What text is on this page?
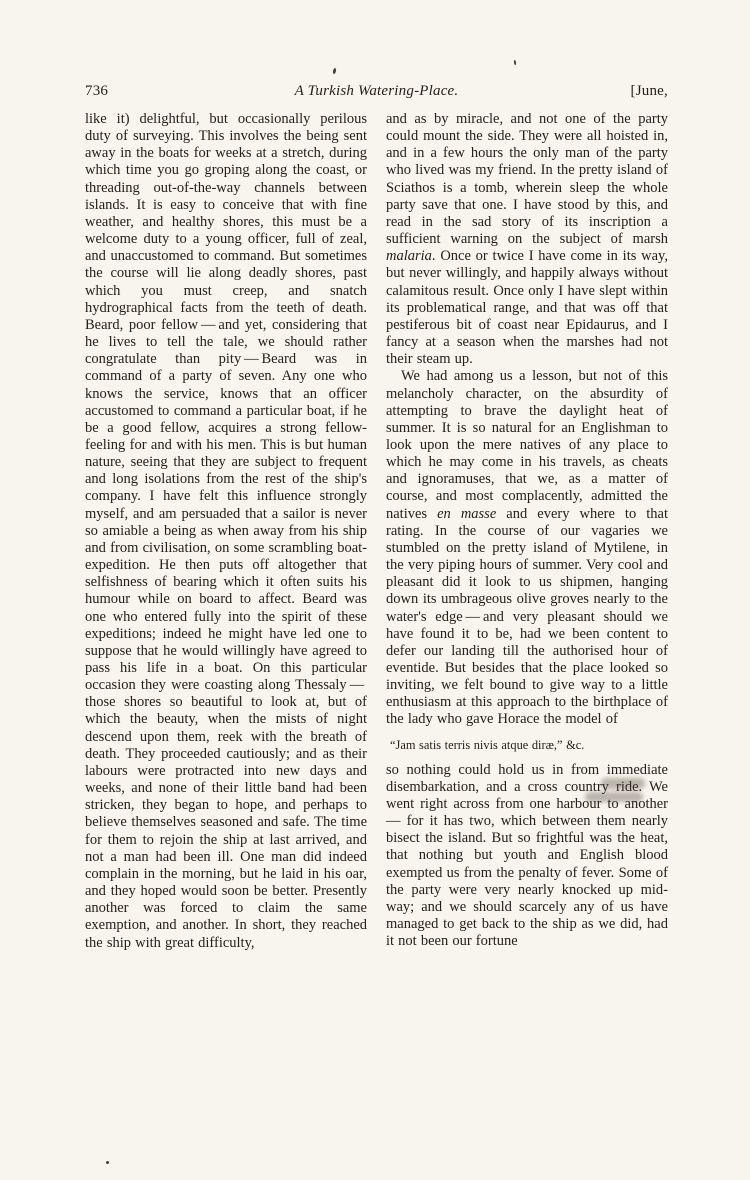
736	A Turkish Watering-Place.	[June,

like it) delightful, but occasionally perilous duty of surveying. This involves the being sent away in the boats for weeks at a stretch, during which time you go groping along the coast, or threading out-of-the-way channels between islands. It is easy to conceive that with fine weather, and healthy shores, this must be a welcome duty to a young officer, full of zeal, and unaccustomed to command. But sometimes the course will lie along deadly shores, past which you must creep, and snatch hydrographical facts from the teeth of death. Beard, poor fellow — and yet, considering that he lives to tell the tale, we should rather congratulate than pity — Beard was in command of a party of seven. Any one who knows the service, knows that an officer accustomed to command a particular boat, if he be a good fellow, acquires a strong fellow-feeling for and with his men. This is but human nature, seeing that they are subject to frequent and long isolations from the rest of the ship's company. I have felt this influence strongly myself, and am persuaded that a sailor is never so amiable a being as when away from his ship and from civilisation, on some scrambling boat-expedition. He then puts off altogether that selfishness of bearing which it often suits his humour while on board to affect. Beard was one who entered fully into the spirit of these expeditions; indeed he might have led one to suppose that he would willingly have agreed to pass his life in a boat. On this particular occasion they were coasting along Thessaly — those shores so beautiful to look at, but of which the beauty, when the mists of night descend upon them, reek with the breath of death. They proceeded cautiously; and as their labours were protracted into new days and weeks, and none of their little band had been stricken, they began to hope, and perhaps to believe themselves seasoned and safe. The time for them to rejoin the ship at last arrived, and not a man had been ill. One man did indeed complain in the morning, but he laid in his oar, and they hoped would soon be better. Presently another was forced to claim the same exemption, and another. In short, they reached the ship with great difficulty,

and as by miracle, and not one of the party could mount the side. They were all hoisted in, and in a few hours the only man of the party who lived was my friend. In the pretty island of Sciathos is a tomb, wherein sleep the whole party save that one. I have stood by this, and read in the sad story of its inscription a sufficient warning on the subject of marsh malaria. Once or twice I have come in its way, but never willingly, and happily always without calamitous result. Once only I have slept within its problematical range, and that was off that pestiferous bit of coast near Epidaurus, and I fancy at a season when the marshes had not their steam up.

We had among us a lesson, but not of this melancholy character, on the absurdity of attempting to brave the daylight heat of summer. It is so natural for an Englishman to look upon the mere natives of any place to which he may come in his travels, as cheats and ignoramuses, that we, as a matter of course, and most complacently, admitted the natives en masse and every where to that rating. In the course of our vagaries we stumbled on the pretty island of Mytilene, in the very piping hours of summer. Very cool and pleasant did it look to us shipmen, hanging down its umbrageous olive groves nearly to the water's edge — and very pleasant should we have found it to be, had we been content to defer our landing till the authorised hour of eventide. But besides that the place looked so inviting, we felt bound to give way to a little enthusiasm at this approach to the birthplace of the lady who gave Horace the model of

“Jam satis terris nivis atque diræ,” &c.

so nothing could hold us in from immediate disembarkation, and a cross country ride. We went right across from one harbour to another — for it has two, which between them nearly bisect the island. But so frightful was the heat, that nothing but youth and English blood exempted us from the penalty of fever. Some of the party were very nearly knocked up mid-way; and we should scarcely any of us have managed to get back to the ship as we did, had it not been our fortune
